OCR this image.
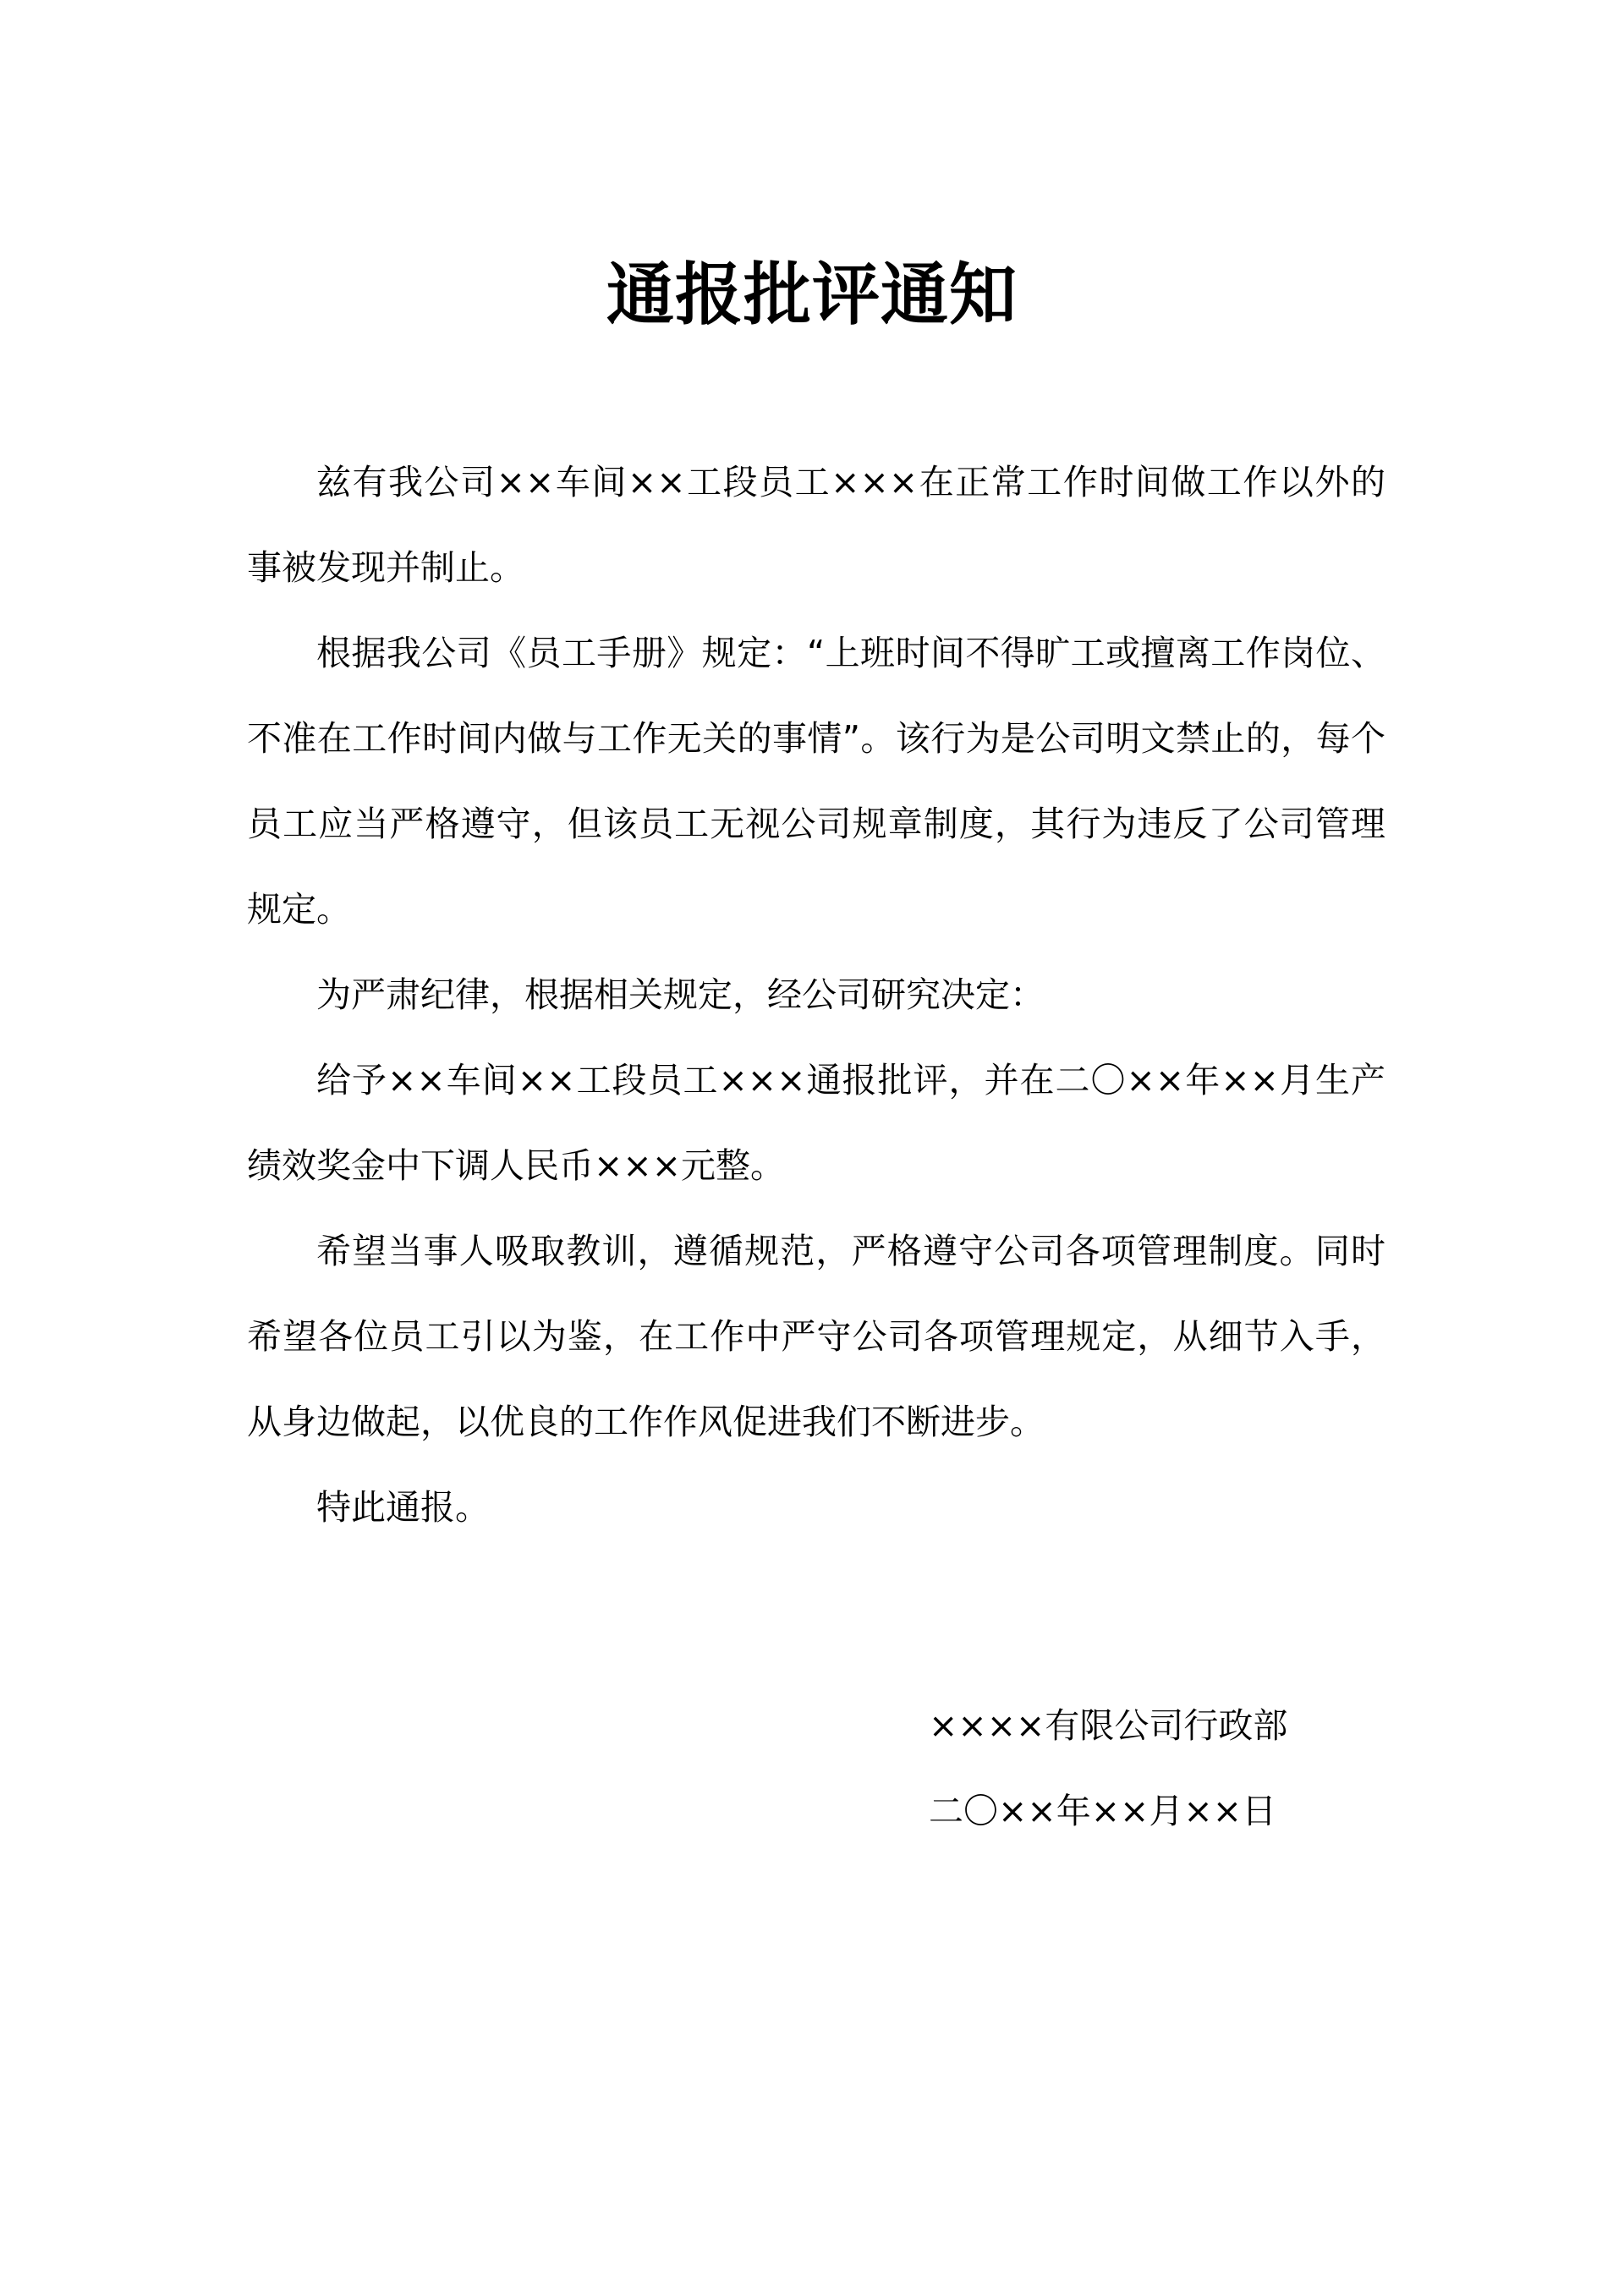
通报批评通知

兹有我公司××车间××工段员工×××在正常工作时间做工作以外的事被发现并制止。

根据我公司《员工手册》规定：“上班时间不得旷工或擅离工作岗位、不准在工作时间内做与工作无关的事情”。该行为是公司明文禁止的，每个员工应当严格遵守，但该员工无视公司规章制度，其行为违反了公司管理规定。

为严肃纪律，根据相关规定，经公司研究决定：

给予××车间××工段员工×××通报批评，并在二〇××年××月生产绩效奖金中下调人民币×××元整。

希望当事人吸取教训，遵循规范，严格遵守公司各项管理制度。同时希望各位员工引以为鉴，在工作中严守公司各项管理规定，从细节入手，从身边做起，以优良的工作作风促进我们不断进步。

特此通报。

××××有限公司行政部
二〇××年××月××日
